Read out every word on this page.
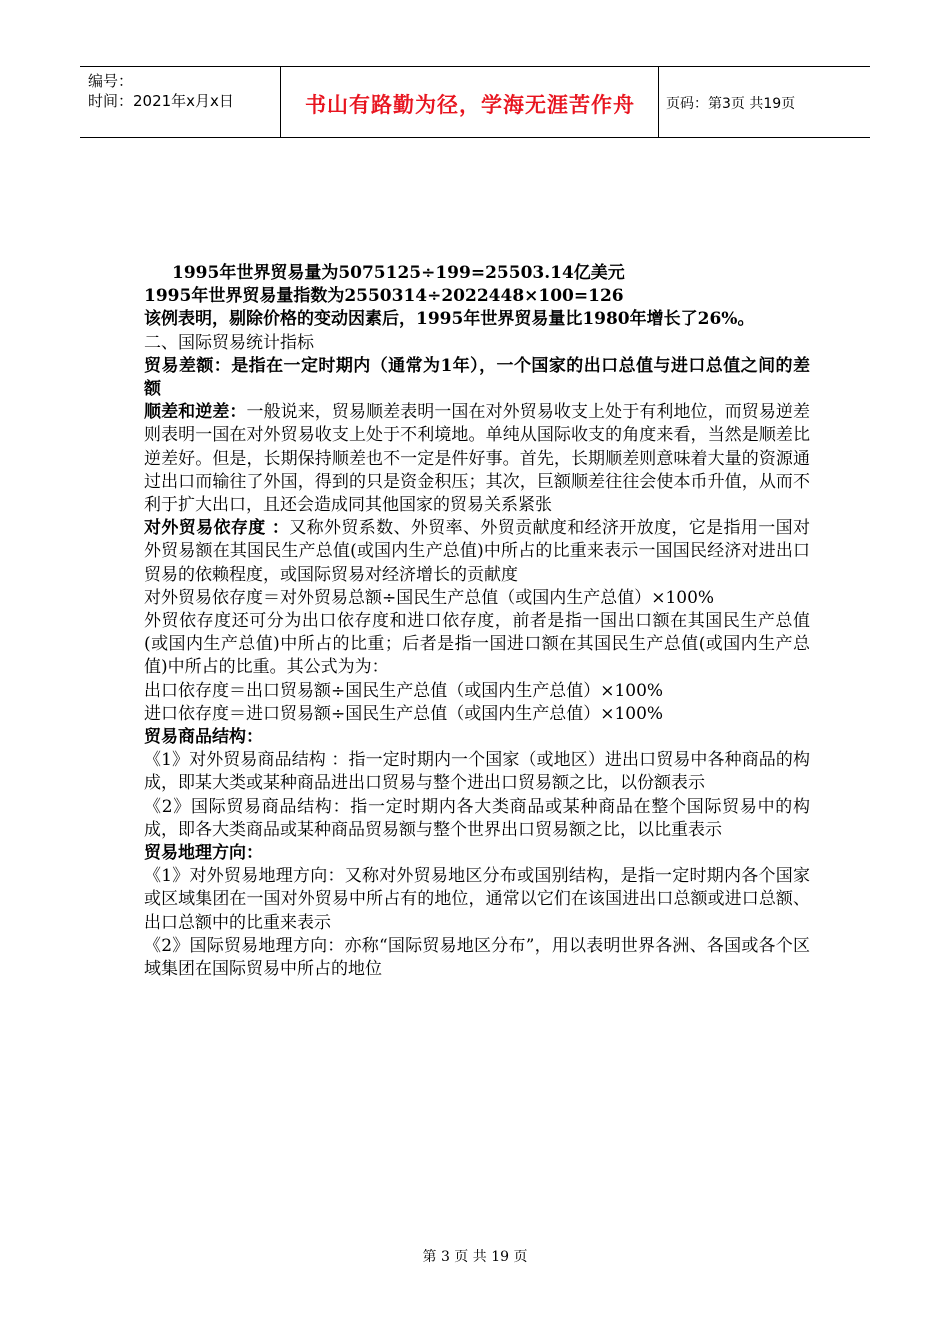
编号：
时间：2021年x月x日	书山有路勤为径，学海无涯苦作舟	页码：第3页 共19页

1995年世界贸易量为5075125÷199=25503.14亿美元

1995年世界贸易量指数为2550314÷2022448×100=126

该例表明，剔除价格的变动因素后，1995年世界贸易量比1980年增长了26%。

二、国际贸易统计指标

贸易差额：是指在一定时期内（通常为1年），一个国家的出口总值与进口总值之间的差额

顺差和逆差：一般说来，贸易顺差表明一国在对外贸易收支上处于有利地位，而贸易逆差则表明一国在对外贸易收支上处于不利境地。单纯从国际收支的角度来看，当然是顺差比逆差好。但是，长期保持顺差也不一定是件好事。首先，长期顺差则意味着大量的资源通过出口而输往了外国，得到的只是资金积压；其次，巨额顺差往往会使本币升值，从而不利于扩大出口，且还会造成同其他国家的贸易关系紧张

对外贸易依存度 ：又称外贸系数、外贸率、外贸贡献度和经济开放度，它是指用一国对外贸易额在其国民生产总值(或国内生产总值)中所占的比重来表示一国国民经济对进出口贸易的依赖程度，或国际贸易对经济增长的贡献度

对外贸易依存度＝对外贸易总额÷国民生产总值（或国内生产总值）×100%

外贸依存度还可分为出口依存度和进口依存度，前者是指一国出口额在其国民生产总值(或国内生产总值)中所占的比重；后者是指一国进口额在其国民生产总值(或国内生产总值)中所占的比重。其公式为为：

出口依存度＝出口贸易额÷国民生产总值（或国内生产总值）×100%

进口依存度＝进口贸易额÷国民生产总值（或国内生产总值）×100%

贸易商品结构：

《1》对外贸易商品结构 ：指一定时期内一个国家（或地区）进出口贸易中各种商品的构成，即某大类或某种商品进出口贸易与整个进出口贸易额之比，以份额表示

《2》国际贸易商品结构：指一定时期内各大类商品或某种商品在整个国际贸易中的构成，即各大类商品或某种商品贸易额与整个世界出口贸易额之比，以比重表示

贸易地理方向：

《1》对外贸易地理方向：又称对外贸易地区分布或国别结构，是指一定时期内各个国家或区域集团在一国对外贸易中所占有的地位，通常以它们在该国进出口总额或进口总额、出口总额中的比重来表示

《2》国际贸易地理方向：亦称“国际贸易地区分布”，用以表明世界各洲、各国或各个区域集团在国际贸易中所占的地位

第 3 页 共 19 页
